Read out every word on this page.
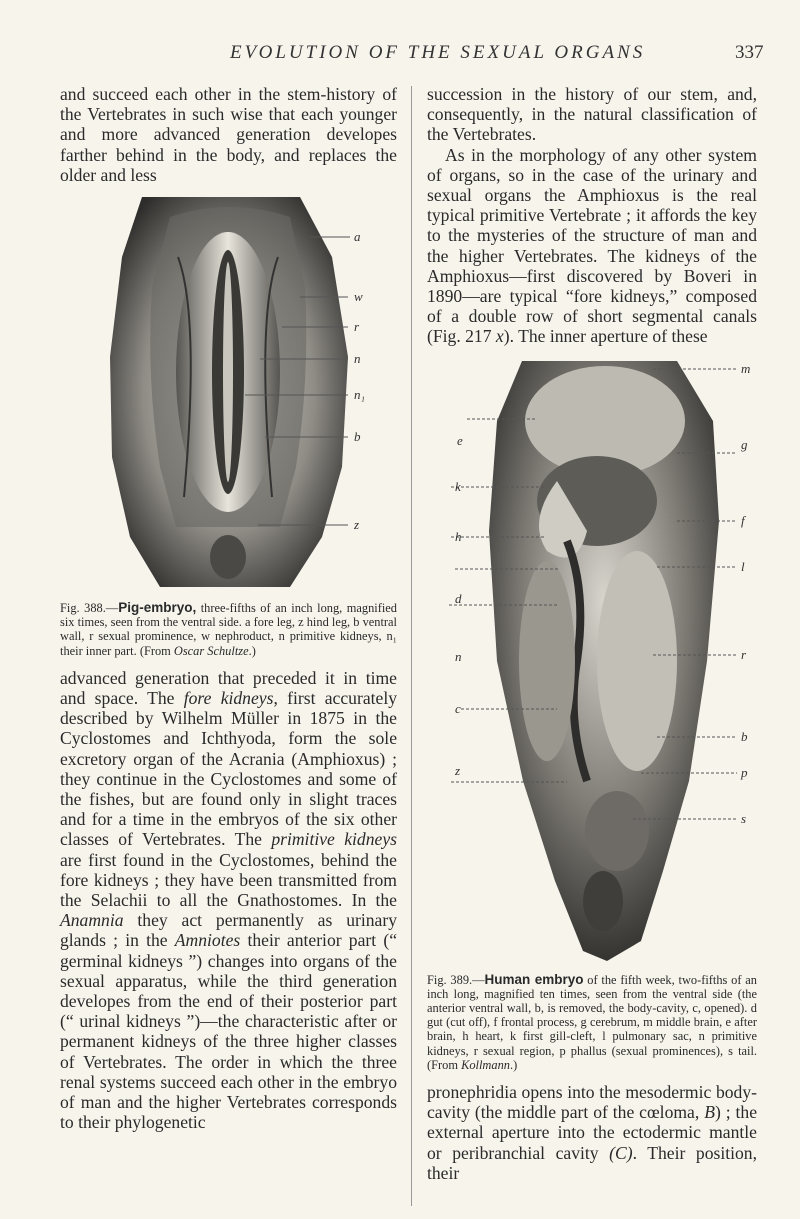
EVOLUTION OF THE SEXUAL ORGANS	337

and succeed each other in the stem-history of the Vertebrates in such wise that each younger and more advanced generation developes farther behind in the body, and replaces the older and less

a
w
r
n
n₁
b
z

Fig. 388.—Pig-embryo, three-fifths of an inch long, magnified six times, seen from the ventral side. a fore leg, z hind leg, b ventral wall, r sexual prominence, w nephroduct, n primitive kidneys, n₁ their inner part. (From Oscar Schultze.)

advanced generation that preceded it in time and space. The fore kidneys, first accurately described by Wilhelm Müller in 1875 in the Cyclostomes and Ichthyoda, form the sole excretory organ of the Acrania (Amphioxus) ; they continue in the Cyclostomes and some of the fishes, but are found only in slight traces and for a time in the embryos of the six other classes of Vertebrates. The primitive kidneys are first found in the Cyclostomes, behind the fore kidneys ; they have been transmitted from the Selachii to all the Gnathostomes. In the Anamnia they act permanently as urinary glands ; in the Amniotes their anterior part (“ germinal kidneys ”) changes into organs of the sexual apparatus, while the third generation developes from the end of their posterior part (“ urinal kidneys ”)—the characteristic after or permanent kidneys of the three higher classes of Vertebrates. The order in which the three renal systems succeed each other in the embryo of man and the higher Vertebrates corresponds to their phylogenetic

succession in the history of our stem, and, consequently, in the natural classification of the Vertebrates.

As in the morphology of any other system of organs, so in the case of the urinary and sexual organs the Amphioxus is the real typical primitive Vertebrate ; it affords the key to the mysteries of the structure of man and the higher Vertebrates. The kidneys of the Amphioxus—first discovered by Boveri in 1890—are typical “fore kidneys,” composed of a double row of short segmental canals (Fig. 217 x). The inner aperture of these

e
k
h
d
n
c
z
m
g
f
l
r
b
p
s

Fig. 389.—Human embryo of the fifth week, two-fifths of an inch long, magnified ten times, seen from the ventral side (the anterior ventral wall, b, is removed, the body-cavity, c, opened). d gut (cut off), f frontal process, g cerebrum, m middle brain, e after brain, h heart, k first gill-cleft, l pulmonary sac, n primitive kidneys, r sexual region, p phallus (sexual prominences), s tail. (From Kollmann.)

pronephridia opens into the mesodermic body-cavity (the middle part of the cœloma, B) ; the external aperture into the ectodermic mantle or peribranchial cavity (C). Their position, their
